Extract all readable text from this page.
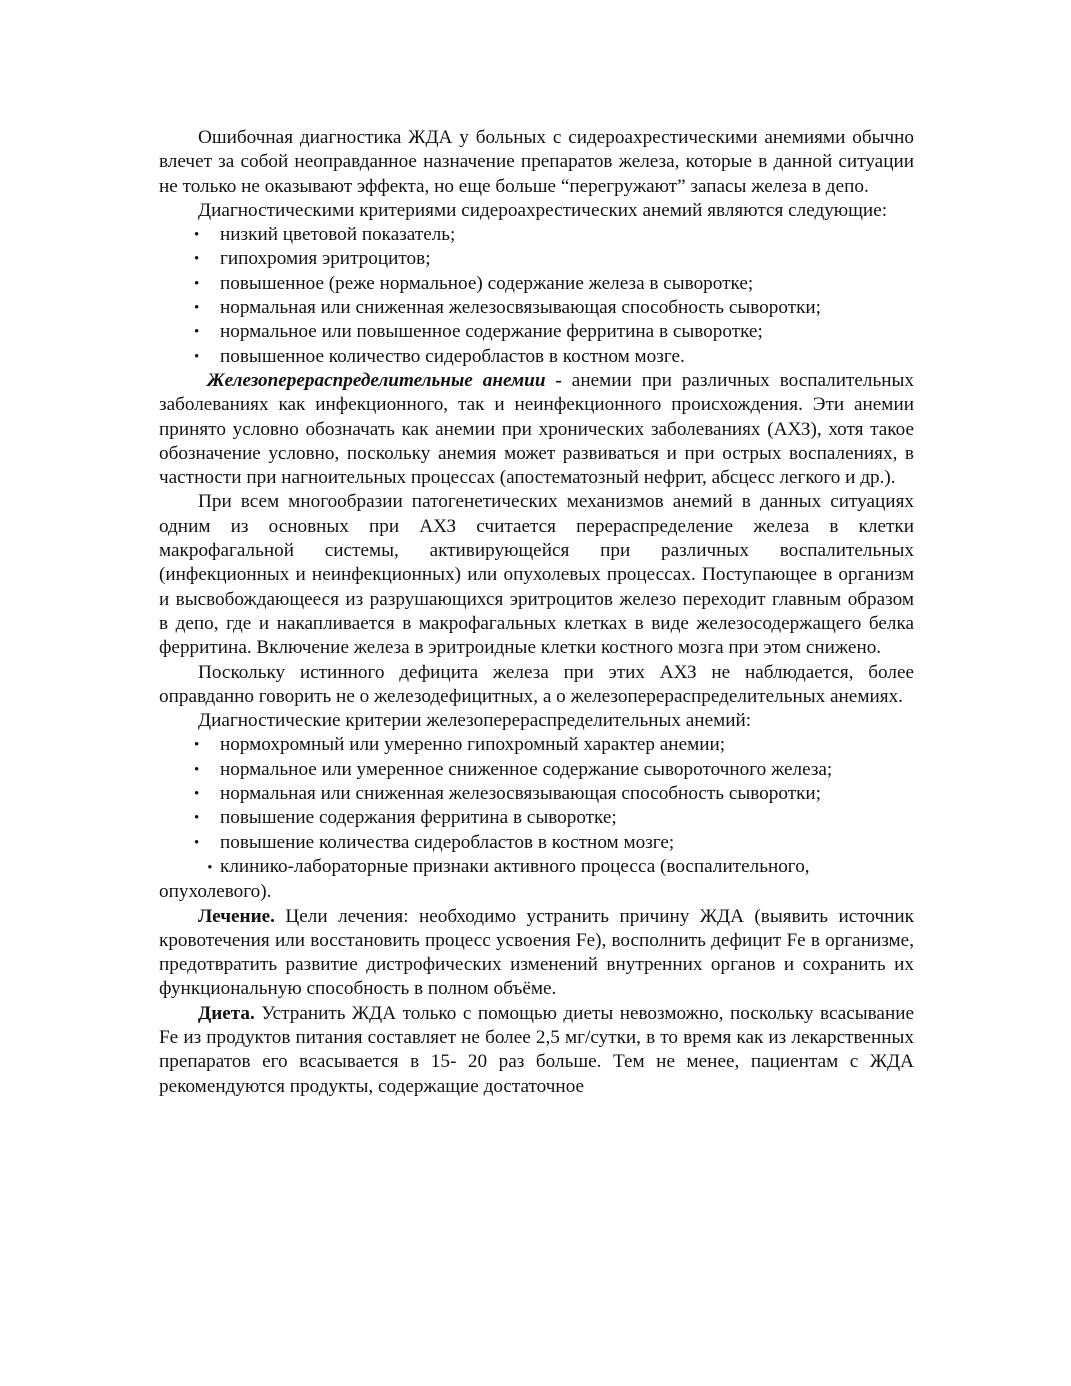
Ошибочная диагностика ЖДА у больных с сидероахрестическими анемиями обычно влечет за собой неоправданное назначение препаратов железа, которые в данной ситуации не только не оказывают эффекта, но еще больше “перегружают” запасы железа в депо.

Диагностическими критериями сидероахрестических анемий являются следующие:

• низкий цветовой показатель;
• гипохромия эритроцитов;
• повышенное (реже нормальное) содержание железа в сыворотке;
• нормальная или сниженная железосвязывающая способность сыворотки;
• нормальное или повышенное содержание ферритина в сыворотке;
• повышенное количество сидеробластов в костном мозге.

Железоперераспределительные анемии - анемии при различных воспалительных заболеваниях как инфекционного, так и неинфекционного происхождения. Эти анемии принято условно обозначать как анемии при хронических заболеваниях (АХЗ), хотя такое обозначение условно, поскольку анемия может развиваться и при острых воспалениях, в частности при нагноительных процессах (апостематозный нефрит, абсцесс легкого и др.).

При всем многообразии патогенетических механизмов анемий в данных ситуациях одним из основных при АХЗ считается перераспределение железа в клетки макрофагальной системы, активирующейся при различных воспалительных (инфекционных и неинфекционных) или опухолевых процессах. Поступающее в организм и высвобождающееся из разрушающихся эритроцитов железо переходит главным образом в депо, где и накапливается в макрофагальных клетках в виде железосодержащего белка ферритина. Включение железа в эритроидные клетки костного мозга при этом снижено.

Поскольку истинного дефицита железа при этих АХЗ не наблюдается, более оправданно говорить не о железодефицитных, а о железоперераспределительных анемиях.

Диагностические критерии железоперераспределительных анемий:

• нормохромный или умеренно гипохромный характер анемии;
• нормальное или умеренное сниженное содержание сывороточного железа;
• нормальная или сниженная железосвязывающая способность сыворотки;
• повышение содержания ферритина в сыворотке;
• повышение количества сидеробластов в костном мозге;
• клинико-лабораторные признаки активного процесса (воспалительного, опухолевого).

Лечение. Цели лечения: необходимо устранить причину ЖДА (выявить источник кровотечения или восстановить процесс усвоения Fe), восполнить дефицит Fe в организме, предотвратить развитие дистрофических изменений внутренних органов и сохранить их функциональную способность в полном объёме.

Диета. Устранить ЖДА только с помощью диеты невозможно, поскольку всасывание Fe из продуктов питания составляет не более 2,5 мг/сутки, в то время как из лекарственных препаратов его всасывается в 15- 20 раз больше. Тем не менее, пациентам с ЖДА рекомендуются продукты, содержащие достаточное
